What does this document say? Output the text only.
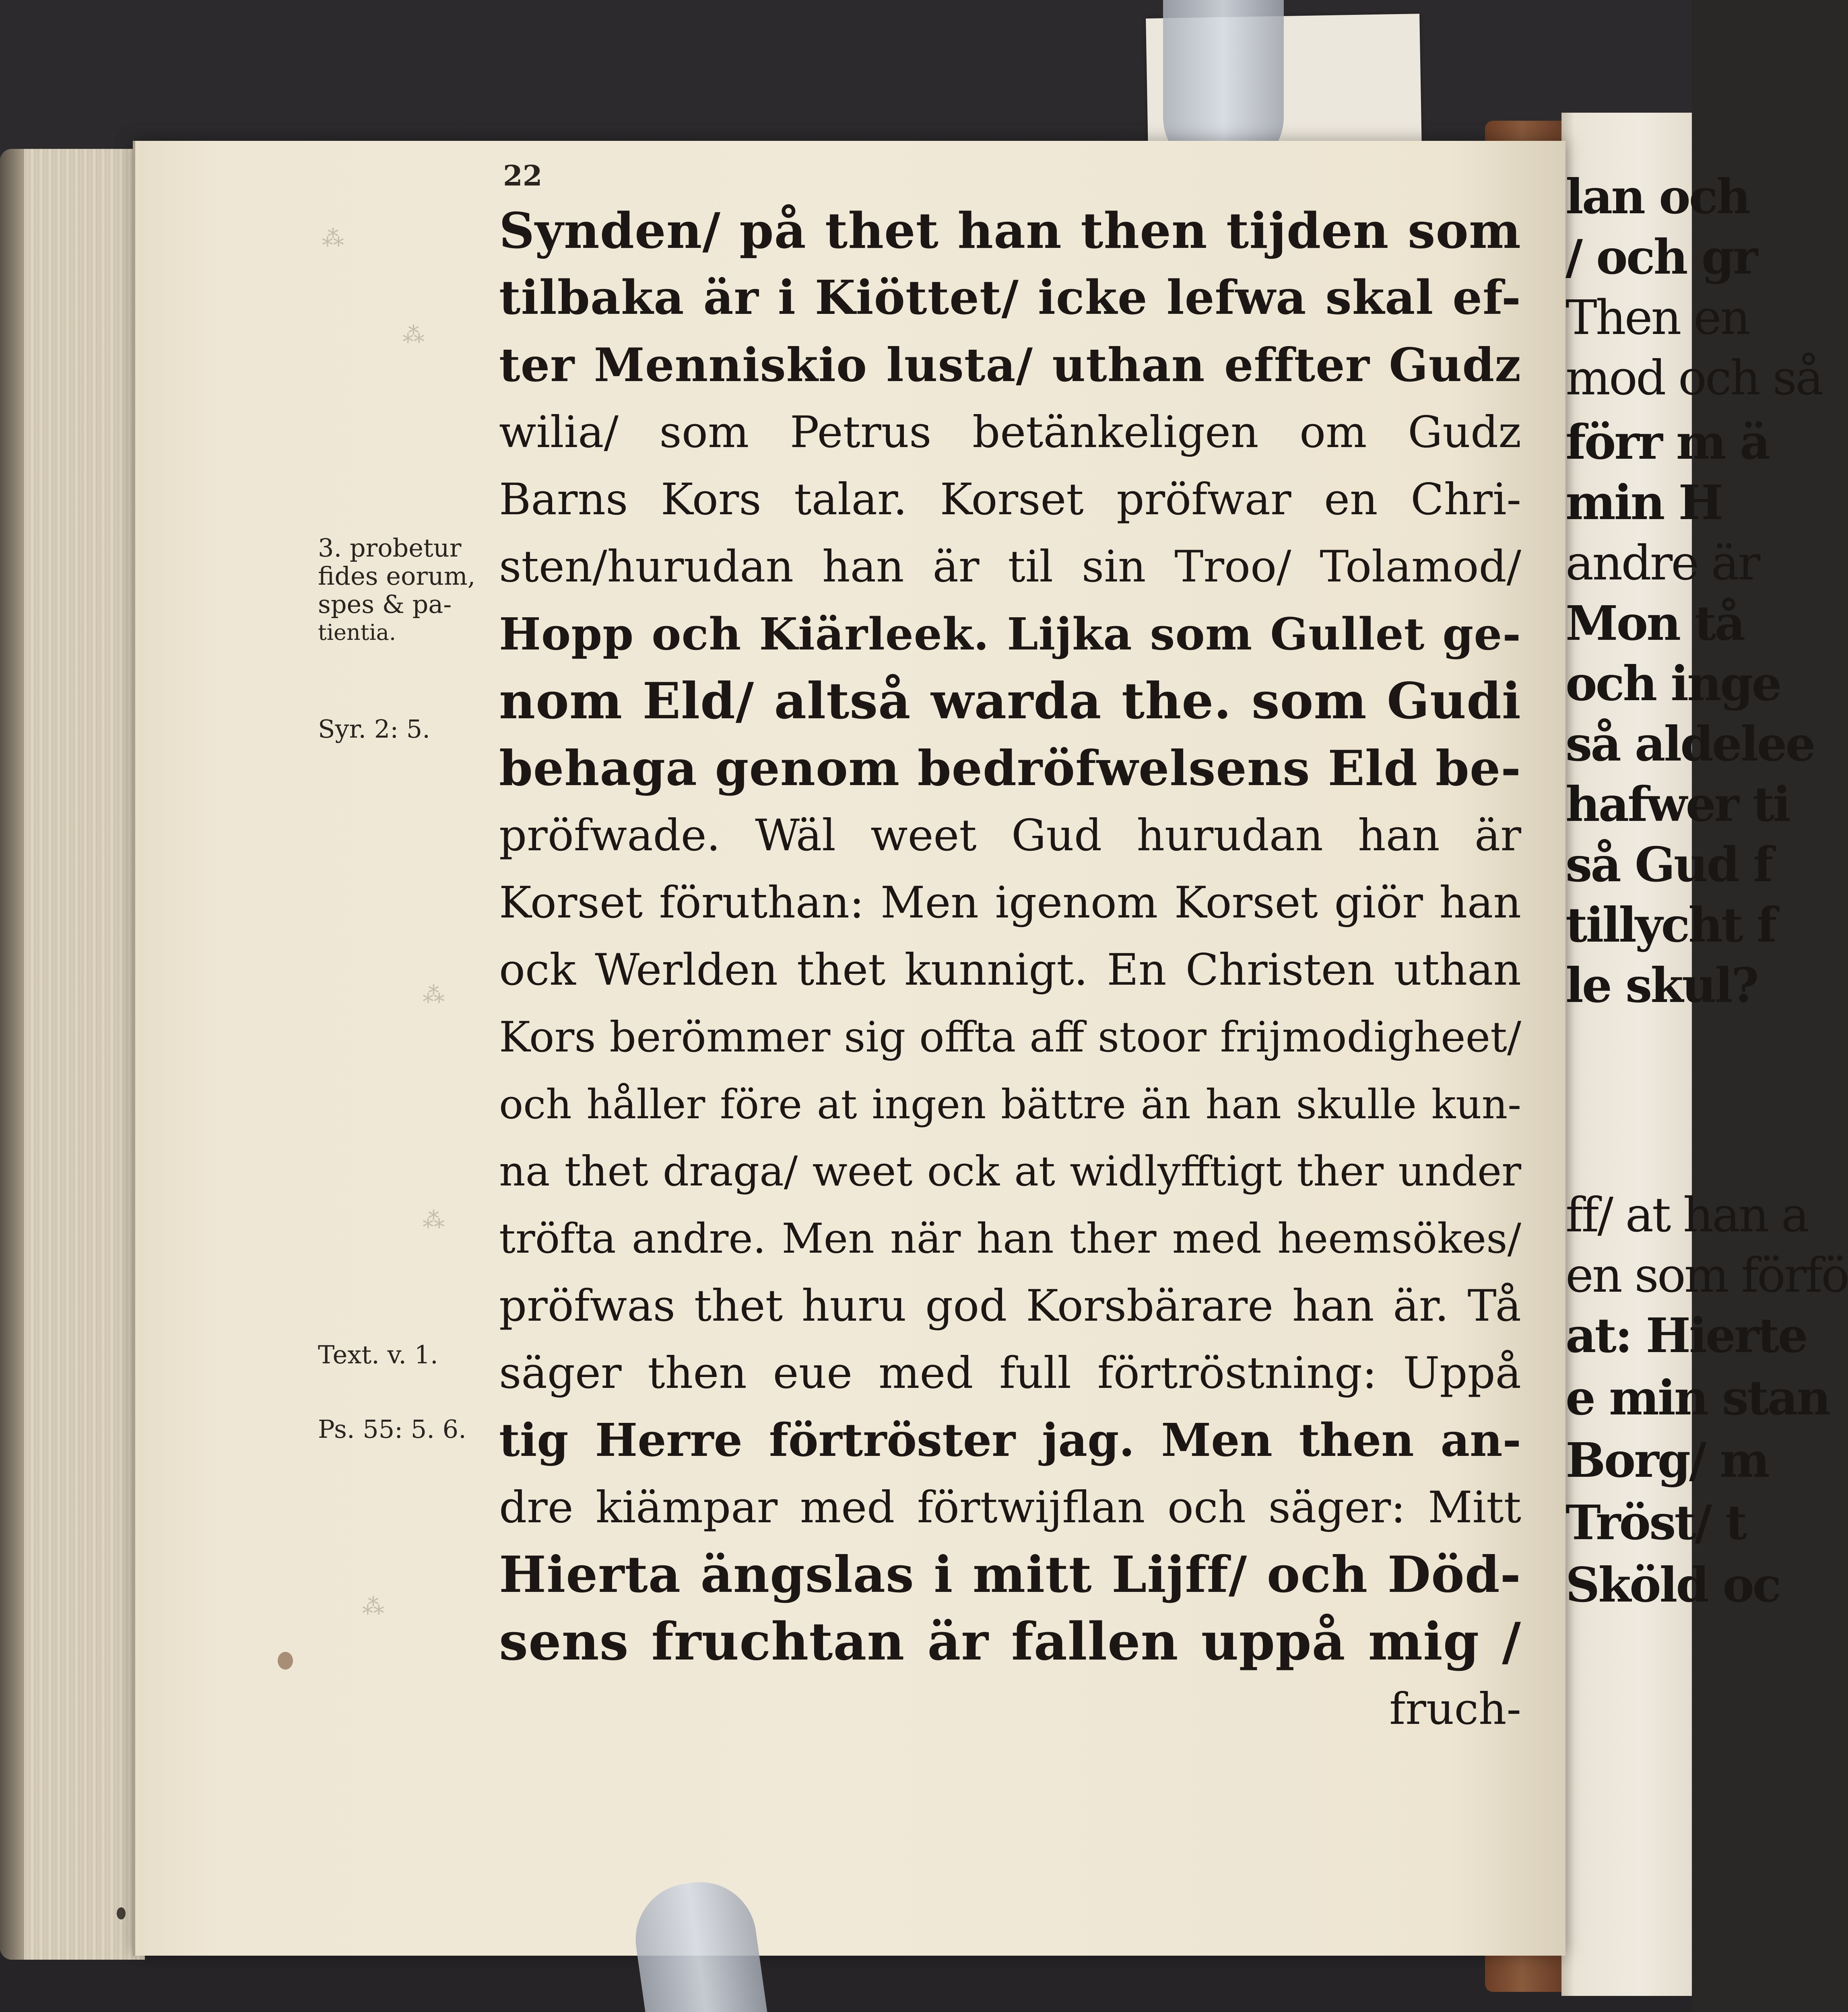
lan och
/ och gr
Then en
mod och så
förr m ä
min H
andre är
Mon tå
och inge
så aldelee
hafwer ti
så Gud f
tillycht f
le skul?
ff/ at han a
en som förfö
at: Hierte
e min stan
Borg/ m
Tröst/ t
Sköld oc
⁂
⁂
⁂
⁂
⁂
22
3. probetur
fides eorum,
spes & pa-
tientia.
Syr. 2: 5.
Text. v. 1.
Ps. 55: 5. 6.
Synden/ på thet han then tijden som
tilbaka är i Kiöttet/ icke lefwa skal ef-
ter Menniskio lusta/ uthan effter Gudz
wilia/ som Petrus betänkeligen om Gudz
Barns Kors talar. Korset pröfwar en Chri-
sten/hurudan han är til sin Troo/ Tolamod/
Hopp och Kiärleek. Lijka som Gullet ge-
nom Eld/ altså warda the. som Gudi
behaga genom bedröfwelsens Eld be-
pröfwade. Wäl weet Gud hurudan han är
Korset föruthan: Men igenom Korset giör han
ock Werlden thet kunnigt. En Christen uthan
Kors berömmer sig offta aff stoor frijmodigheet/
och håller före at ingen bättre än han skulle kun-
na thet draga/ weet ock at widlyfftigt ther under
tröfta andre. Men när han ther med heemsökes/
pröfwas thet huru god Korsbärare han är. Tå
säger then eue med full förtröstning: Uppå
tig Herre förtröster jag. Men then an-
dre kiämpar med förtwijflan och säger: Mitt
Hierta ängslas i mitt Lijff/ och Död-
sens fruchtan är fallen uppå mig /
fruch-
